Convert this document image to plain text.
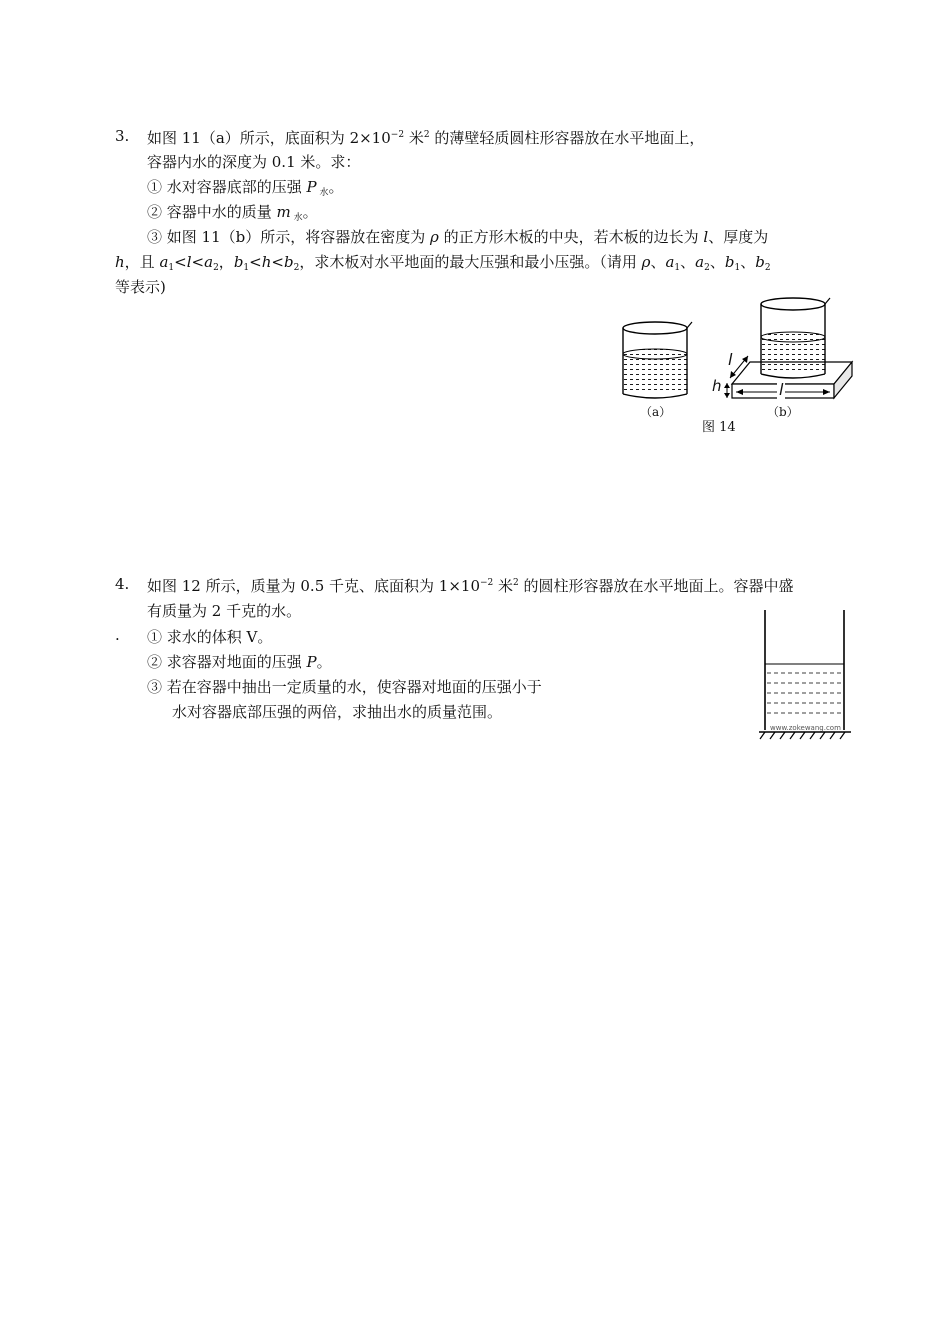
3. 如图 11（a）所示，底面积为 $2\times 10^{-2}$ 米$^2$ 的薄壁轻质圆柱形容器放在水平地面上，
容器内水的深度为 0.1 米。求：
① 水对容器底部的压强 P $_水$。
② 容器中水的质量 m $_水$。
③ 如图 11（b）所示，将容器放在密度为 ρ 的正方形木板的中央，若木板的边长为 l、厚度为
h，且 $a_1<l<a_2$，$b_1<h<b_2$，求木板对水平地面的最大压强和最小压强。（请用 ρ、$a_1$、$a_2$、$b_1$、$b_2$
等表示)
l
h	l
（a）	（b）
图 14
4. 如图 12 所示，质量为 0.5 千克、底面积为 $1\times 10^{-2}$ 米$^2$ 的圆柱形容器放在水平地面上。容器中盛
有质量为 2 千克的水。
. ① 求水的体积 V。
② 求容器对地面的压强 P。
③ 若在容器中抽出一定质量的水，使容器对地面的压强小于
水对容器底部压强的两倍，求抽出水的质量范围。
www.zokewang.com
